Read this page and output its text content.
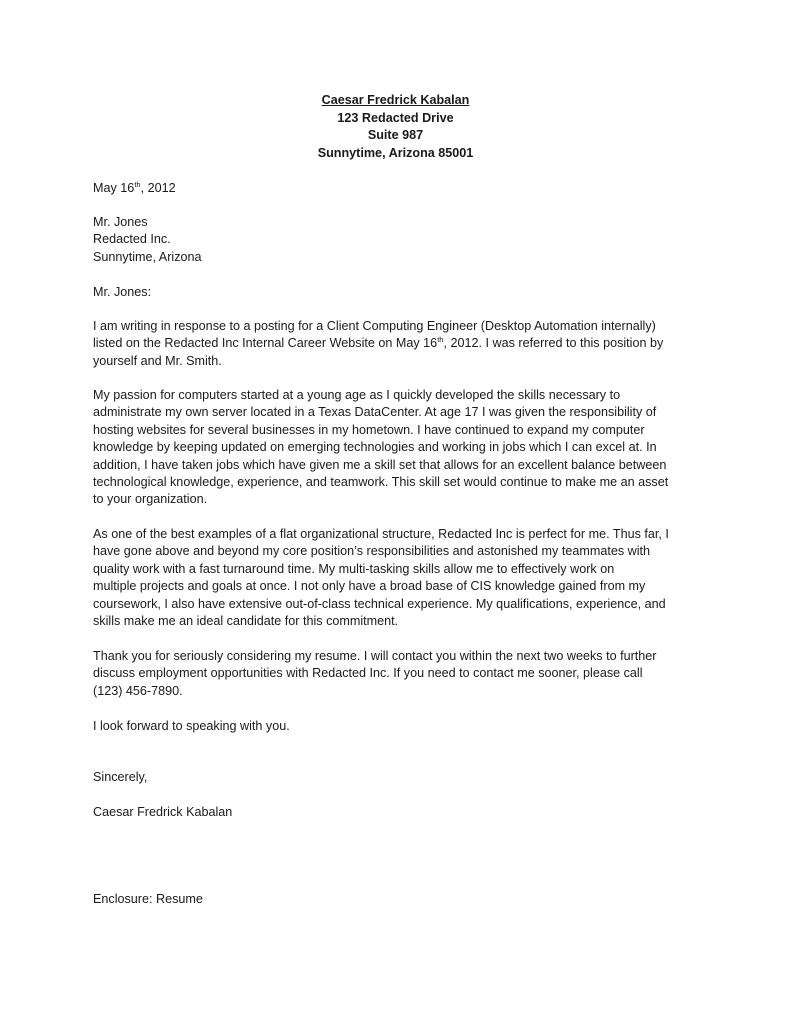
Caesar Fredrick Kabalan
123 Redacted Drive
Suite 987
Sunnytime, Arizona 85001
May 16th, 2012
Mr. Jones
Redacted Inc.
Sunnytime, Arizona
Mr. Jones:
I am writing in response to a posting for a Client Computing Engineer (Desktop Automation internally)
listed on the Redacted Inc Internal Career Website on May 16th, 2012. I was referred to this position by
yourself and Mr. Smith.
My passion for computers started at a young age as I quickly developed the skills necessary to
administrate my own server located in a Texas DataCenter. At age 17 I was given the responsibility of
hosting websites for several businesses in my hometown. I have continued to expand my computer
knowledge by keeping updated on emerging technologies and working in jobs which I can excel at. In
addition, I have taken jobs which have given me a skill set that allows for an excellent balance between
technological knowledge, experience, and teamwork. This skill set would continue to make me an asset
to your organization.
As one of the best examples of a flat organizational structure, Redacted Inc is perfect for me. Thus far, I
have gone above and beyond my core position’s responsibilities and astonished my teammates with
quality work with a fast turnaround time. My multi-tasking skills allow me to effectively work on
multiple projects and goals at once. I not only have a broad base of CIS knowledge gained from my
coursework, I also have extensive out-of-class technical experience. My qualifications, experience, and
skills make me an ideal candidate for this commitment.
Thank you for seriously considering my resume. I will contact you within the next two weeks to further
discuss employment opportunities with Redacted Inc. If you need to contact me sooner, please call
(123) 456-7890.
I look forward to speaking with you.
Sincerely,
Caesar Fredrick Kabalan
Enclosure: Resume
